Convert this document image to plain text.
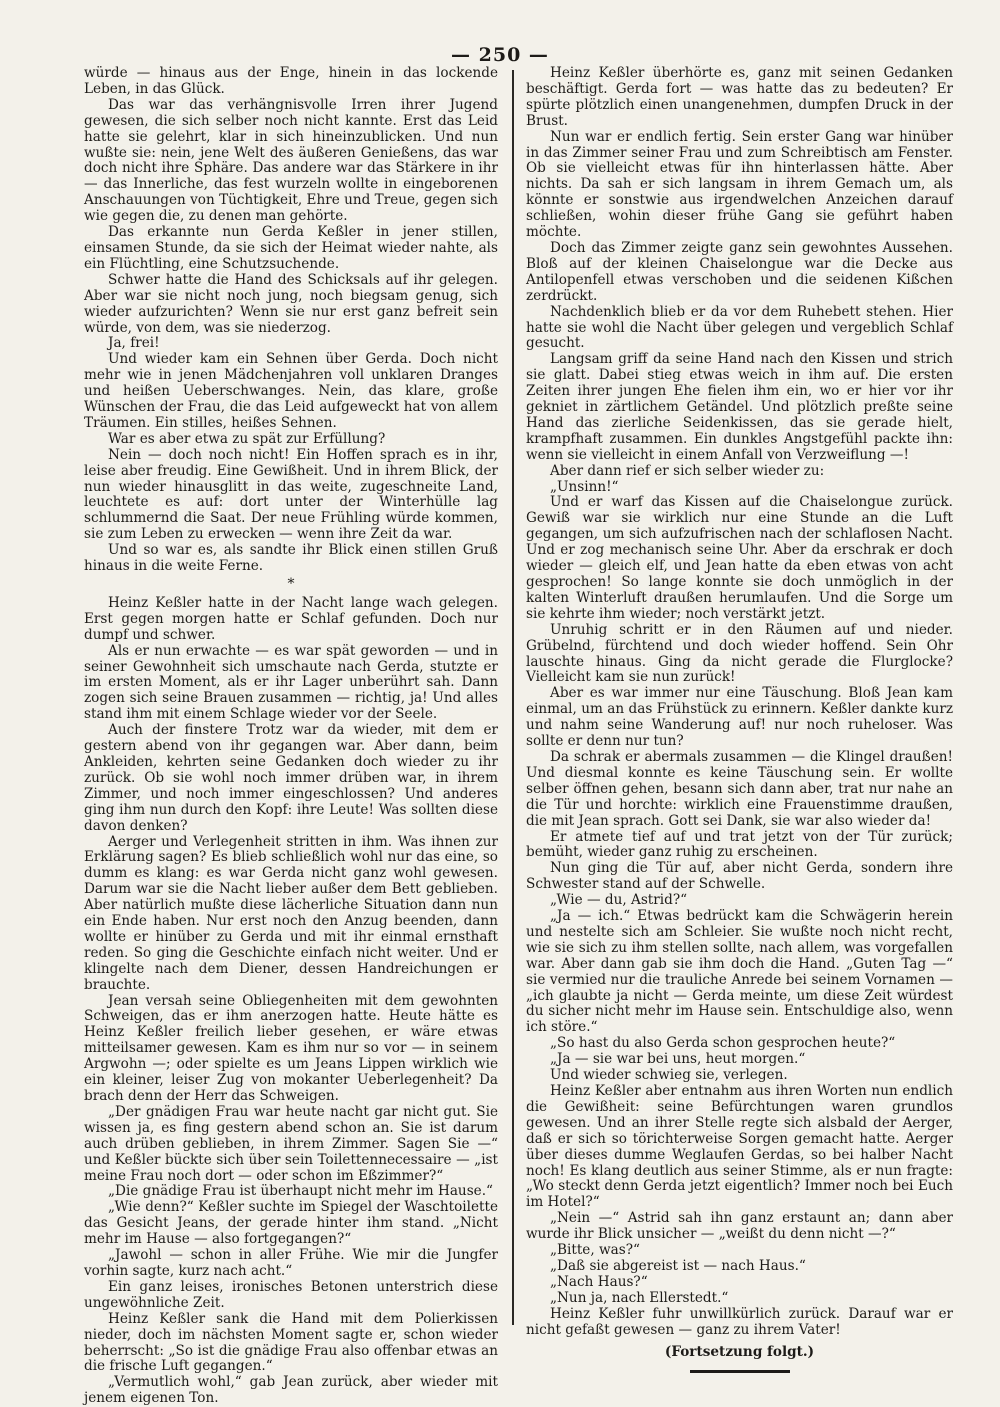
— 250 —

würde — hinaus aus der Enge, hinein in das lockende Leben, in das Glück.

Das war das verhängnisvolle Irren ihrer Jugend gewesen, die sich selber noch nicht kannte. Erst das Leid hatte sie gelehrt, klar in sich hineinzublicken. Und nun wußte sie: nein, jene Welt des äußeren Genießens, das war doch nicht ihre Sphäre. Das andere war das Stärkere in ihr — das Innerliche, das fest wurzeln wollte in eingeborenen Anschauungen von Tüchtigkeit, Ehre und Treue, gegen sich wie gegen die, zu denen man gehörte.

Das erkannte nun Gerda Keßler in jener stillen, einsamen Stunde, da sie sich der Heimat wieder nahte, als ein Flüchtling, eine Schutzsuchende.

Schwer hatte die Hand des Schicksals auf ihr gelegen. Aber war sie nicht noch jung, noch biegsam genug, sich wieder aufzurichten? Wenn sie nur erst ganz befreit sein würde, von dem, was sie niederzog.

Ja, frei!

Und wieder kam ein Sehnen über Gerda. Doch nicht mehr wie in jenen Mädchenjahren voll unklaren Dranges und heißen Ueberschwanges. Nein, das klare, große Wünschen der Frau, die das Leid aufgeweckt hat von allem Träumen. Ein stilles, heißes Sehnen.

War es aber etwa zu spät zur Erfüllung?

Nein — doch noch nicht! Ein Hoffen sprach es in ihr, leise aber freudig. Eine Gewißheit. Und in ihrem Blick, der nun wieder hinausglitt in das weite, zugeschneite Land, leuchtete es auf: dort unter der Winterhülle lag schlummernd die Saat. Der neue Frühling würde kommen, sie zum Leben zu erwecken — wenn ihre Zeit da war.

Und so war es, als sandte ihr Blick einen stillen Gruß hinaus in die weite Ferne.

*

Heinz Keßler hatte in der Nacht lange wach gelegen. Erst gegen morgen hatte er Schlaf gefunden. Doch nur dumpf und schwer.

Als er nun erwachte — es war spät geworden — und in seiner Gewohnheit sich umschaute nach Gerda, stutzte er im ersten Moment, als er ihr Lager unberührt sah. Dann zogen sich seine Brauen zusammen — richtig, ja! Und alles stand ihm mit einem Schlage wieder vor der Seele.

Auch der finstere Trotz war da wieder, mit dem er gestern abend von ihr gegangen war. Aber dann, beim Ankleiden, kehrten seine Gedanken doch wieder zu ihr zurück. Ob sie wohl noch immer drüben war, in ihrem Zimmer, und noch immer eingeschlossen? Und anderes ging ihm nun durch den Kopf: ihre Leute! Was sollten diese davon denken?

Aerger und Verlegenheit stritten in ihm. Was ihnen zur Erklärung sagen? Es blieb schließlich wohl nur das eine, so dumm es klang: es war Gerda nicht ganz wohl gewesen. Darum war sie die Nacht lieber außer dem Bett geblieben. Aber natürlich mußte diese lächerliche Situation dann nun ein Ende haben. Nur erst noch den Anzug beenden, dann wollte er hinüber zu Gerda und mit ihr einmal ernsthaft reden. So ging die Geschichte einfach nicht weiter. Und er klingelte nach dem Diener, dessen Handreichungen er brauchte.

Jean versah seine Obliegenheiten mit dem gewohnten Schweigen, das er ihm anerzogen hatte. Heute hätte es Heinz Keßler freilich lieber gesehen, er wäre etwas mitteilsamer gewesen. Kam es ihm nur so vor — in seinem Argwohn —; oder spielte es um Jeans Lippen wirklich wie ein kleiner, leiser Zug von mokanter Ueberlegenheit? Da brach denn der Herr das Schweigen.

„Der gnädigen Frau war heute nacht gar nicht gut. Sie wissen ja, es fing gestern abend schon an. Sie ist darum auch drüben geblieben, in ihrem Zimmer. Sagen Sie —“ und Keßler bückte sich über sein Toilettennecessaire — „ist meine Frau noch dort — oder schon im Eßzimmer?“

„Die gnädige Frau ist überhaupt nicht mehr im Hause.“

„Wie denn?“ Keßler suchte im Spiegel der Waschtoilette das Gesicht Jeans, der gerade hinter ihm stand. „Nicht mehr im Hause — also fortgegangen?“

„Jawohl — schon in aller Frühe. Wie mir die Jungfer vorhin sagte, kurz nach acht.“

Ein ganz leises, ironisches Betonen unterstrich diese ungewöhnliche Zeit.

Heinz Keßler sank die Hand mit dem Polierkissen nieder, doch im nächsten Moment sagte er, schon wieder beherrscht: „So ist die gnädige Frau also offenbar etwas an die frische Luft gegangen.“

„Vermutlich wohl,“ gab Jean zurück, aber wieder mit jenem eigenen Ton.

Heinz Keßler überhörte es, ganz mit seinen Gedanken beschäftigt. Gerda fort — was hatte das zu bedeuten? Er spürte plötzlich einen unangenehmen, dumpfen Druck in der Brust.

Nun war er endlich fertig. Sein erster Gang war hinüber in das Zimmer seiner Frau und zum Schreibtisch am Fenster. Ob sie vielleicht etwas für ihn hinterlassen hätte. Aber nichts. Da sah er sich langsam in ihrem Gemach um, als könnte er sonstwie aus irgendwelchen Anzeichen darauf schließen, wohin dieser frühe Gang sie geführt haben möchte.

Doch das Zimmer zeigte ganz sein gewohntes Aussehen. Bloß auf der kleinen Chaiselongue war die Decke aus Antilopenfell etwas verschoben und die seidenen Kißchen zerdrückt.

Nachdenklich blieb er da vor dem Ruhebett stehen. Hier hatte sie wohl die Nacht über gelegen und vergeblich Schlaf gesucht.

Langsam griff da seine Hand nach den Kissen und strich sie glatt. Dabei stieg etwas weich in ihm auf. Die ersten Zeiten ihrer jungen Ehe fielen ihm ein, wo er hier vor ihr gekniet in zärtlichem Getändel. Und plötzlich preßte seine Hand das zierliche Seidenkissen, das sie gerade hielt, krampfhaft zusammen. Ein dunkles Angstgefühl packte ihn: wenn sie vielleicht in einem Anfall von Verzweiflung —!

Aber dann rief er sich selber wieder zu:

„Unsinn!“

Und er warf das Kissen auf die Chaiselongue zurück. Gewiß war sie wirklich nur eine Stunde an die Luft gegangen, um sich aufzufrischen nach der schlaflosen Nacht. Und er zog mechanisch seine Uhr. Aber da erschrak er doch wieder — gleich elf, und Jean hatte da eben etwas von acht gesprochen! So lange konnte sie doch unmöglich in der kalten Winterluft draußen herumlaufen. Und die Sorge um sie kehrte ihm wieder; noch verstärkt jetzt.

Unruhig schritt er in den Räumen auf und nieder. Grübelnd, fürchtend und doch wieder hoffend. Sein Ohr lauschte hinaus. Ging da nicht gerade die Flurglocke? Vielleicht kam sie nun zurück!

Aber es war immer nur eine Täuschung. Bloß Jean kam einmal, um an das Frühstück zu erinnern. Keßler dankte kurz und nahm seine Wanderung auf! nur noch ruheloser. Was sollte er denn nur tun?

Da schrak er abermals zusammen — die Klingel draußen! Und diesmal konnte es keine Täuschung sein. Er wollte selber öffnen gehen, besann sich dann aber, trat nur nahe an die Tür und horchte: wirklich eine Frauenstimme draußen, die mit Jean sprach. Gott sei Dank, sie war also wieder da!

Er atmete tief auf und trat jetzt von der Tür zurück; bemüht, wieder ganz ruhig zu erscheinen.

Nun ging die Tür auf, aber nicht Gerda, sondern ihre Schwester stand auf der Schwelle.

„Wie — du, Astrid?“

„Ja — ich.“ Etwas bedrückt kam die Schwägerin herein und nestelte sich am Schleier. Sie wußte noch nicht recht, wie sie sich zu ihm stellen sollte, nach allem, was vorgefallen war. Aber dann gab sie ihm doch die Hand. „Guten Tag —“ sie vermied nur die trauliche Anrede bei seinem Vornamen — „ich glaubte ja nicht — Gerda meinte, um diese Zeit würdest du sicher nicht mehr im Hause sein. Entschuldige also, wenn ich störe.“

„So hast du also Gerda schon gesprochen heute?“

„Ja — sie war bei uns, heut morgen.“

Und wieder schwieg sie, verlegen.

Heinz Keßler aber entnahm aus ihren Worten nun endlich die Gewißheit: seine Befürchtungen waren grundlos gewesen. Und an ihrer Stelle regte sich alsbald der Aerger, daß er sich so törichterweise Sorgen gemacht hatte. Aerger über dieses dumme Weglaufen Gerdas, so bei halber Nacht noch! Es klang deutlich aus seiner Stimme, als er nun fragte: „Wo steckt denn Gerda jetzt eigentlich? Immer noch bei Euch im Hotel?“

„Nein —“ Astrid sah ihn ganz erstaunt an; dann aber wurde ihr Blick unsicher — „weißt du denn nicht —?“

„Bitte, was?“

„Daß sie abgereist ist — nach Haus.“

„Nach Haus?“

„Nun ja, nach Ellerstedt.“

Heinz Keßler fuhr unwillkürlich zurück. Darauf war er nicht gefaßt gewesen — ganz zu ihrem Vater!

(Fortsetzung folgt.)
